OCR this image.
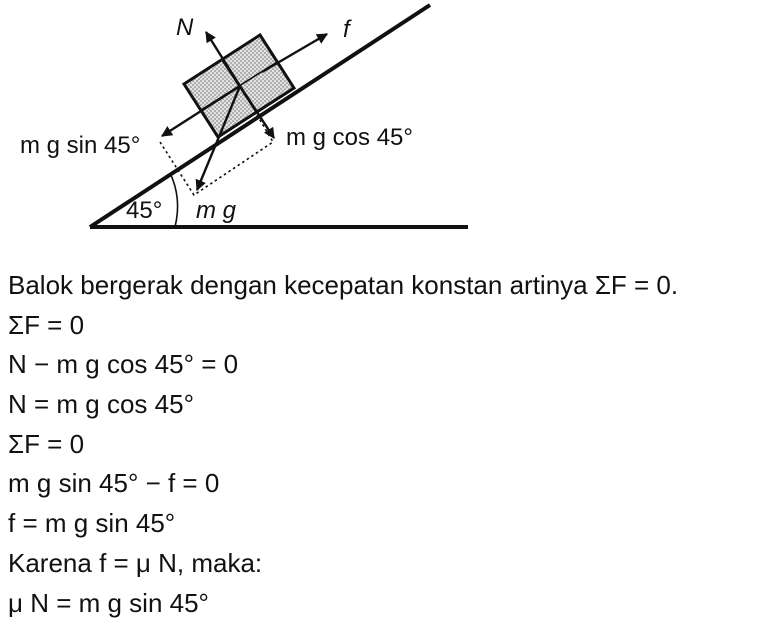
N	f
m g sin 45°	m g cos 45°
m g
45°
Balok bergerak dengan kecepatan konstan artinya ΣF = 0.
ΣF = 0
N − m g cos 45° = 0
N = m g cos 45°
ΣF = 0
m g sin 45° − f = 0
f = m g sin 45°
Karena f = μ N, maka:
μ N = m g sin 45°
